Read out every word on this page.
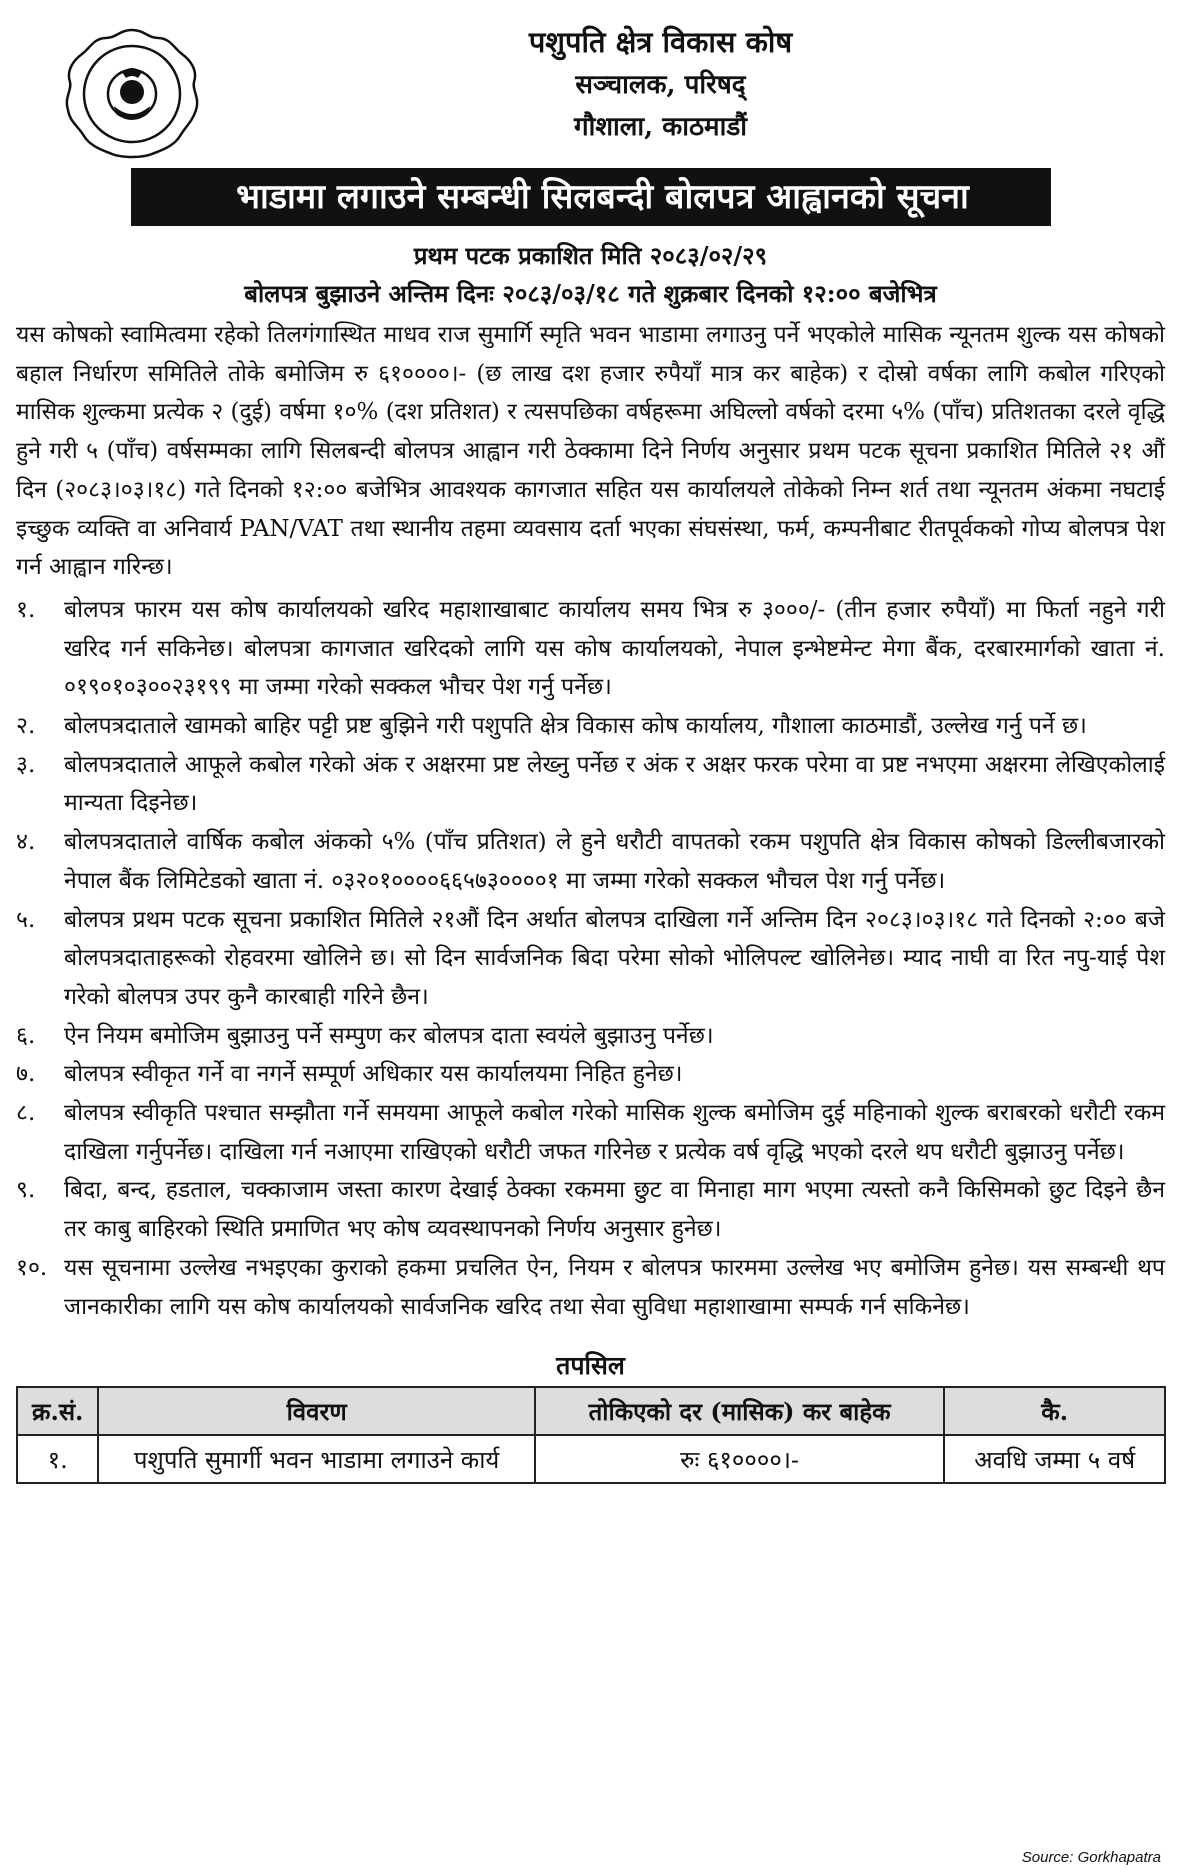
पशुपति क्षेत्र विकास कोष
सञ्चालक, परिषद्
गौशाला, काठमाडौं
भाडामा लगाउने सम्बन्धी सिलबन्दी बोलपत्र आह्वानको सूचना
प्रथम पटक प्रकाशित मिति २०८३/०२/२९
बोलपत्र बुझाउने अन्तिम दिनः २०८३/०३/१८ गते शुक्रबार दिनको १२:०० बजेभित्र

यस कोषको स्वामित्वमा रहेको तिलगंगास्थित माधव राज सुमार्गि स्मृति भवन भाडामा लगाउनु पर्ने भएकोले मासिक न्यूनतम शुल्क यस कोषको बहाल निर्धारण समितिले तोके बमोजिम रु ६१००००।- (छ लाख दश हजार रुपैयाँ मात्र कर बाहेक) र दोस्रो वर्षका लागि कबोल गरिएको मासिक शुल्कमा प्रत्येक २ (दुई) वर्षमा १०% (दश प्रतिशत) र त्यसपछिका वर्षहरूमा अघिल्लो वर्षको दरमा ५% (पाँच) प्रतिशतका दरले वृद्धि हुने गरी ५ (पाँच) वर्षसम्मका लागि सिलबन्दी बोलपत्र आह्वान गरी ठेक्कामा दिने निर्णय अनुसार प्रथम पटक सूचना प्रकाशित मितिले २१ औं दिन (२०८३।०३।१८) गते दिनको १२:०० बजेभित्र आवश्यक कागजात सहित यस कार्यालयले तोकेको निम्न शर्त तथा न्यूनतम अंकमा नघटाई इच्छुक व्यक्ति वा अनिवार्य PAN/VAT तथा स्थानीय तहमा व्यवसाय दर्ता भएका संघसंस्था, फर्म, कम्पनीबाट रीतपूर्वकको गोप्य बोलपत्र पेश गर्न आह्वान गरिन्छ।

१.	बोलपत्र फारम यस कोष कार्यालयको खरिद महाशाखाबाट कार्यालय समय भित्र रु ३०००/- (तीन हजार रुपैयाँ) मा फिर्ता नहुने गरी खरिद गर्न सकिनेछ। बोलपत्रा कागजात खरिदको लागि यस कोष कार्यालयको, नेपाल इन्भेष्टमेन्ट मेगा बैंक, दरबारमार्गको खाता नं. ०१९०१०३००२३१९९ मा जम्मा गरेको सक्कल भौचर पेश गर्नु पर्नेछ।
२.	बोलपत्रदाताले खामको बाहिर पट्टी प्रष्ट बुझिने गरी पशुपति क्षेत्र विकास कोष कार्यालय, गौशाला काठमाडौं, उल्लेख गर्नु पर्ने छ।
३.	बोलपत्रदाताले आफूले कबोल गरेको अंक र अक्षरमा प्रष्ट लेख्नु पर्नेछ र अंक र अक्षर फरक परेमा वा प्रष्ट नभएमा अक्षरमा लेखिएकोलाई मान्यता दिइनेछ।
४.	बोलपत्रदाताले वार्षिक कबोल अंकको ५% (पाँच प्रतिशत) ले हुने धरौटी वापतको रकम पशुपति क्षेत्र विकास कोषको डिल्लीबजारको नेपाल बैंक लिमिटेडको खाता नं. ०३२०१००००६६५७३००००१ मा जम्मा गरेको सक्कल भौचल पेश गर्नु पर्नेछ।
५.	बोलपत्र प्रथम पटक सूचना प्रकाशित मितिले २१औं दिन अर्थात बोलपत्र दाखिला गर्ने अन्तिम दिन २०८३।०३।१८ गते दिनको २:०० बजे बोलपत्रदाताहरूको रोहवरमा खोलिने छ। सो दिन सार्वजनिक बिदा परेमा सोको भोलिपल्ट खोलिनेछ। म्याद नाघी वा रित नपु-याई पेश गरेको बोलपत्र उपर कुनै कारबाही गरिने छैन।
६.	ऐन नियम बमोजिम बुझाउनु पर्ने सम्पुण कर बोलपत्र दाता स्वयंले बुझाउनु पर्नेछ।
७.	बोलपत्र स्वीकृत गर्ने वा नगर्ने सम्पूर्ण अधिकार यस कार्यालयमा निहित हुनेछ।
८.	बोलपत्र स्वीकृति पश्चात सम्झौता गर्ने समयमा आफूले कबोल गरेको मासिक शुल्क बमोजिम दुई महिनाको शुल्क बराबरको धरौटी रकम दाखिला गर्नुपर्नेछ। दाखिला गर्न नआएमा राखिएको धरौटी जफत गरिनेछ र प्रत्येक वर्ष वृद्धि भएको दरले थप धरौटी बुझाउनु पर्नेछ।
९.	बिदा, बन्द, हडताल, चक्काजाम जस्ता कारण देखाई ठेक्का रकममा छुट वा मिनाहा माग भएमा त्यस्तो कनै किसिमको छुट दिइने छैन तर काबु बाहिरको स्थिति प्रमाणित भए कोष व्यवस्थापनको निर्णय अनुसार हुनेछ।
१०. यस सूचनामा उल्लेख नभइएका कुराको हकमा प्रचलित ऐन, नियम र बोलपत्र फारममा उल्लेख भए बमोजिम हुनेछ। यस सम्बन्धी थप जानकारीका लागि यस कोष कार्यालयको सार्वजनिक खरिद तथा सेवा सुविधा महाशाखामा सम्पर्क गर्न सकिनेछ।
तपसिल
क्र.सं.	विवरण	तोकिएको दर (मासिक) कर बाहेक	कै.
१.	पशुपति सुमार्गी भवन भाडामा लगाउने कार्य	रुः ६१००००।-	अवधि जम्मा ५ वर्ष
Source: Gorkhapatra
